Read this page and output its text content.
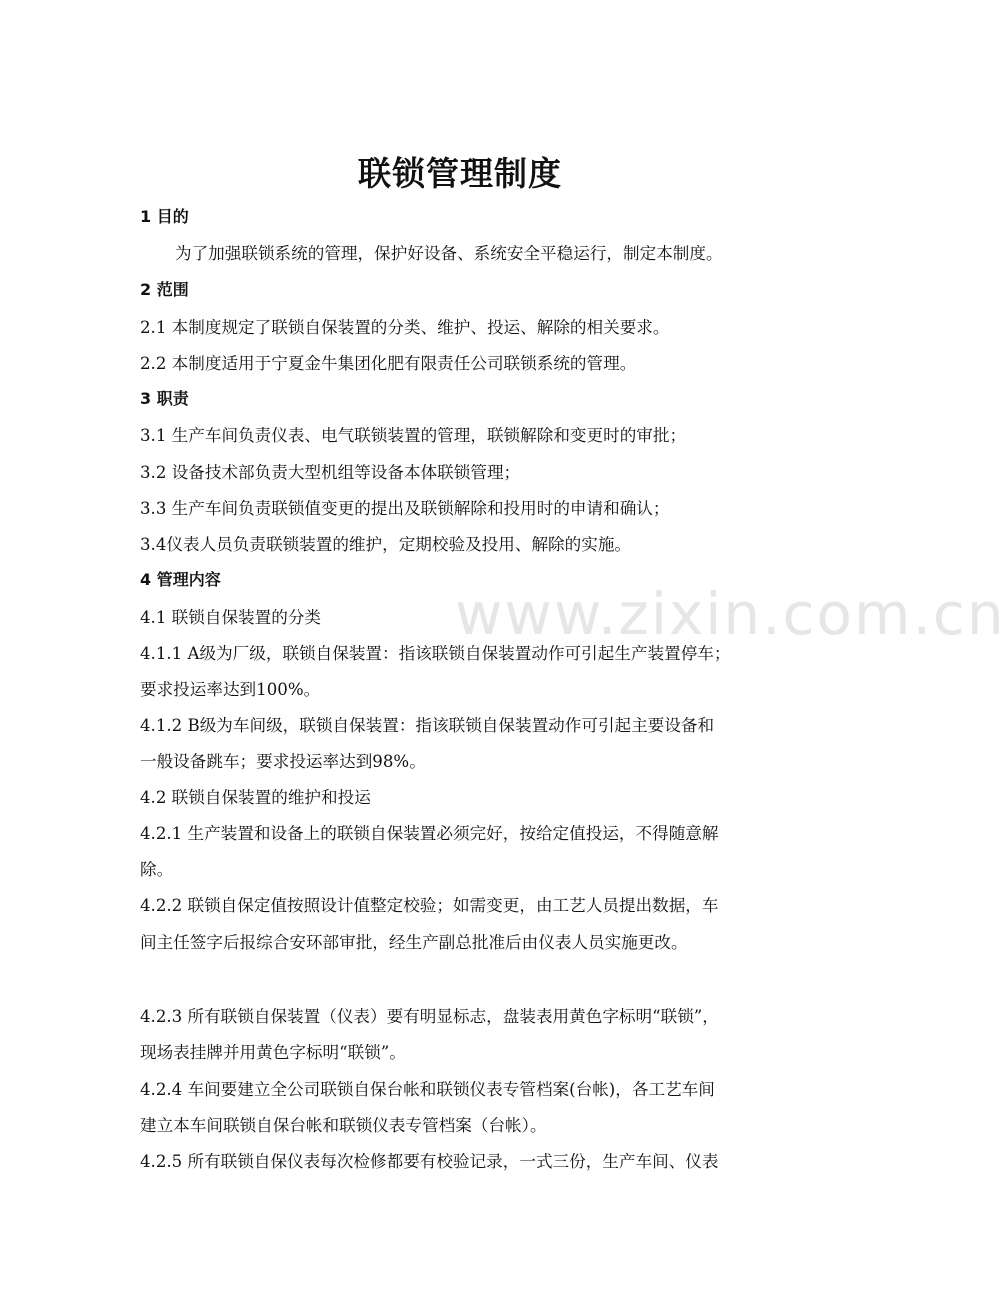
www.zixin.com.cn
联锁管理制度
1 目的
为了加强联锁系统的管理，保护好设备、系统安全平稳运行，制定本制度。
2 范围
2.1 本制度规定了联锁自保装置的分类、维护、投运、解除的相关要求。
2.2 本制度适用于宁夏金牛集团化肥有限责任公司联锁系统的管理。
3 职责
3.1 生产车间负责仪表、电气联锁装置的管理，联锁解除和变更时的审批；
3.2 设备技术部负责大型机组等设备本体联锁管理；
3.3 生产车间负责联锁值变更的提出及联锁解除和投用时的申请和确认；
3.4仪表人员负责联锁装置的维护，定期校验及投用、解除的实施。
4 管理内容
4.1 联锁自保装置的分类
4.1.1 A级为厂级，联锁自保装置：指该联锁自保装置动作可引起生产装置停车；
要求投运率达到100%。
4.1.2 B级为车间级，联锁自保装置：指该联锁自保装置动作可引起主要设备和
一般设备跳车；要求投运率达到98%。
4.2 联锁自保装置的维护和投运
4.2.1 生产装置和设备上的联锁自保装置必须完好，按给定值投运，不得随意解
除。
4.2.2 联锁自保定值按照设计值整定校验；如需变更，由工艺人员提出数据，车
间主任签字后报综合安环部审批，经生产副总批准后由仪表人员实施更改。
4.2.3 所有联锁自保装置（仪表）要有明显标志，盘装表用黄色字标明“联锁”，
现场表挂牌并用黄色字标明“联锁”。
4.2.4 车间要建立全公司联锁自保台帐和联锁仪表专管档案(台帐)，各工艺车间
建立本车间联锁自保台帐和联锁仪表专管档案（台帐）。
4.2.5 所有联锁自保仪表每次检修都要有校验记录，一式三份，生产车间、仪表
